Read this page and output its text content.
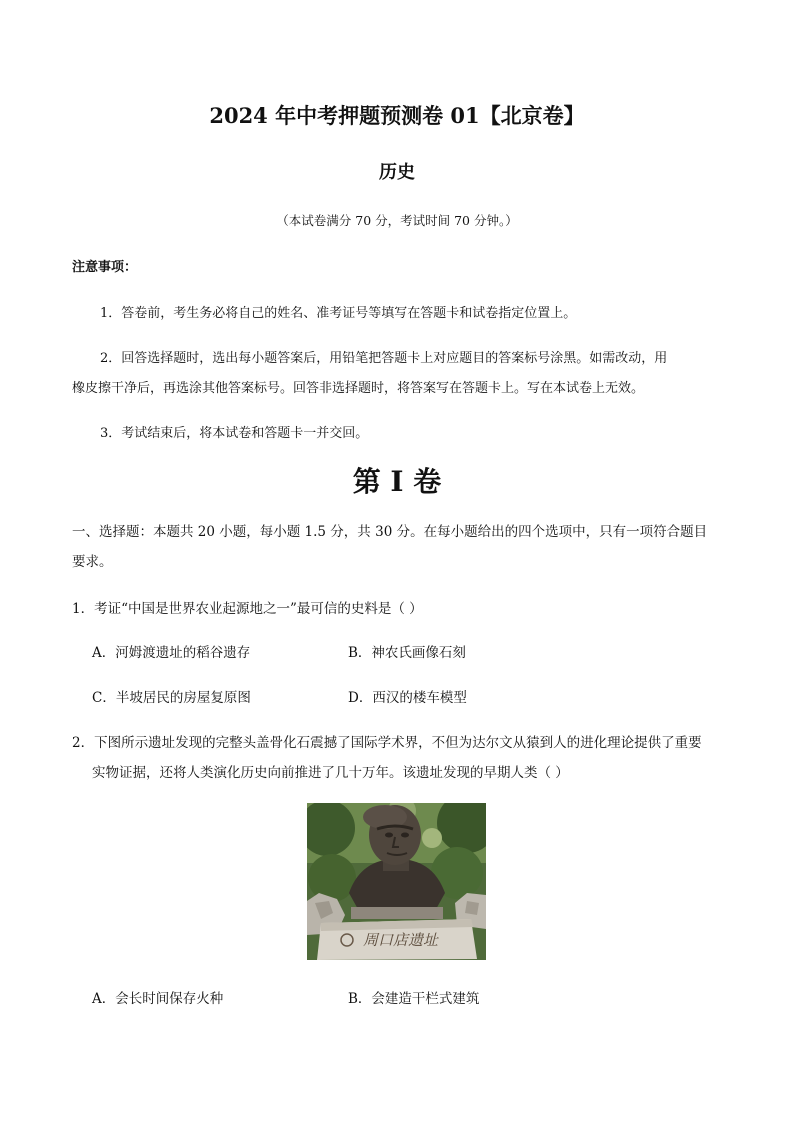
2024 年中考押题预测卷 01【北京卷】
历史
（本试卷满分 70 分，考试时间 70 分钟。）
注意事项：
1．答卷前，考生务必将自己的姓名、准考证号等填写在答题卡和试卷指定位置上。
2．回答选择题时，选出每小题答案后，用铅笔把答题卡上对应题目的答案标号涂黑。如需改动，用
橡皮擦干净后，再选涂其他答案标号。回答非选择题时，将答案写在答题卡上。写在本试卷上无效。
3．考试结束后，将本试卷和答题卡一并交回。
第 I 卷
一、选择题：本题共 20 小题，每小题 1.5 分，共 30 分。在每小题给出的四个选项中，只有一项符合题目
要求。
1．考证“中国是世界农业起源地之一”最可信的史料是（ ）
A．河姆渡遗址的稻谷遗存	B．神农氏画像石刻
C．半坡居民的房屋复原图	D．西汉的楼车模型
2．下图所示遗址发现的完整头盖骨化石震撼了国际学术界，不但为达尔文从猿到人的进化理论提供了重要
实物证据，还将人类演化历史向前推进了几十万年。该遗址发现的早期人类（ ）
周口店遗址
A．会长时间保存火种	B．会建造干栏式建筑
